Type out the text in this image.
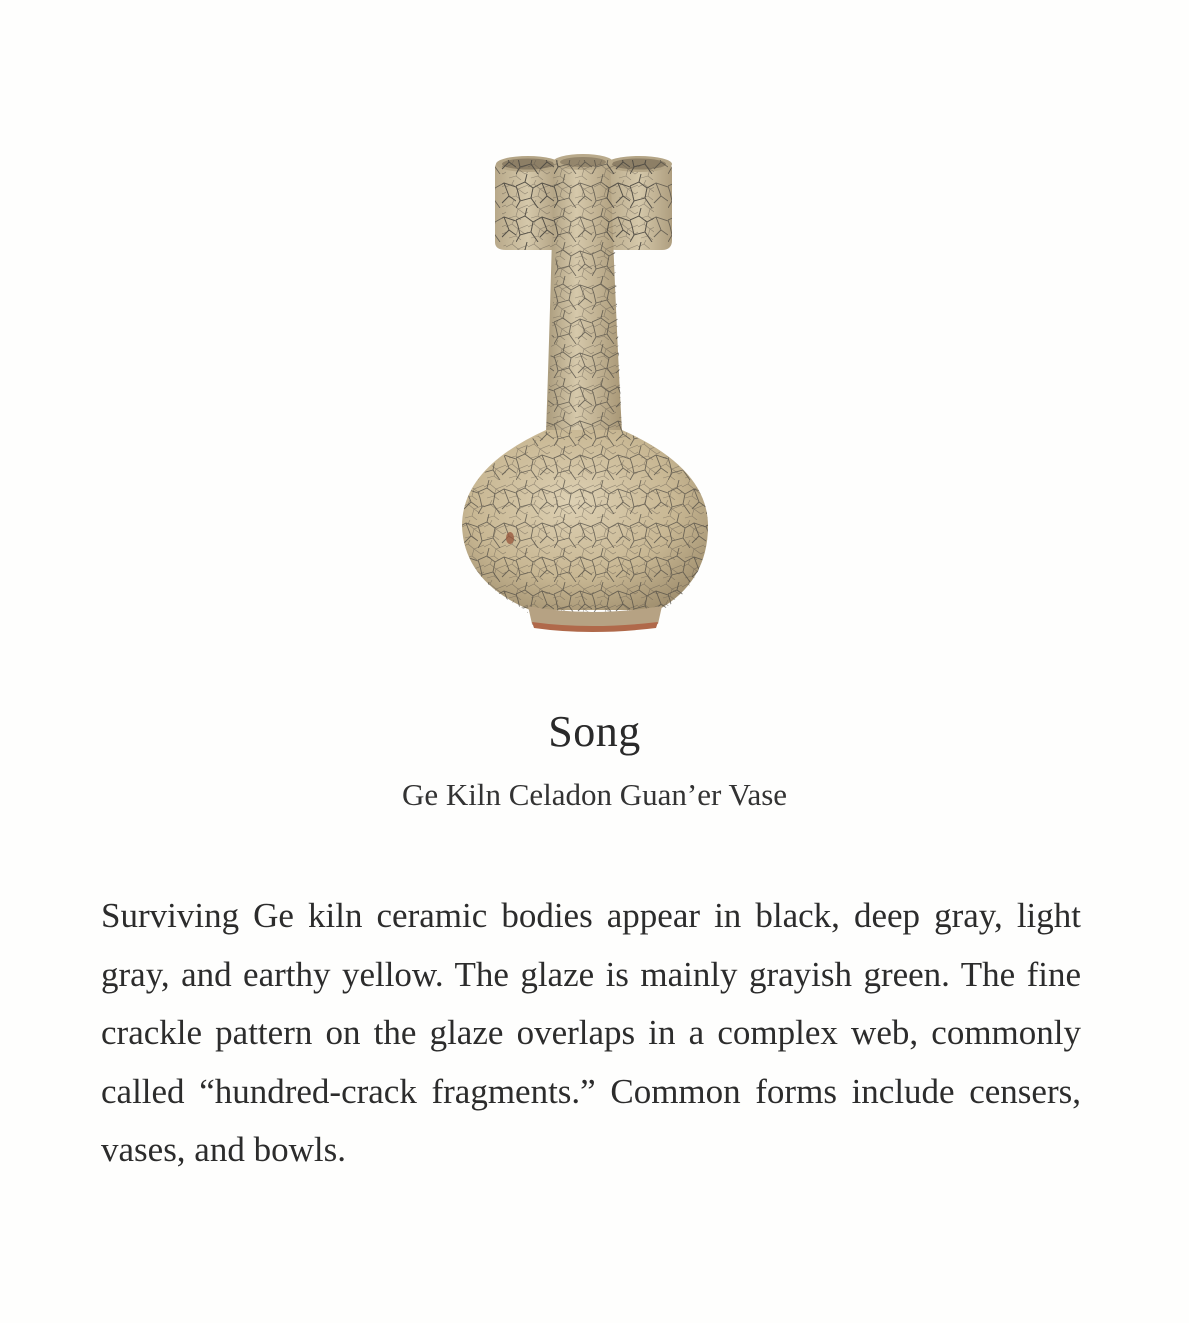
Song
Ge Kiln Celadon Guan’er Vase
Surviving Ge kiln ceramic bodies appear in black, deep gray, light gray, and earthy yellow. The glaze is mainly grayish green. The fine crackle pattern on the glaze overlaps in a complex web, commonly called “hundred-crack fragments.” Common forms include censers, vases, and bowls.
